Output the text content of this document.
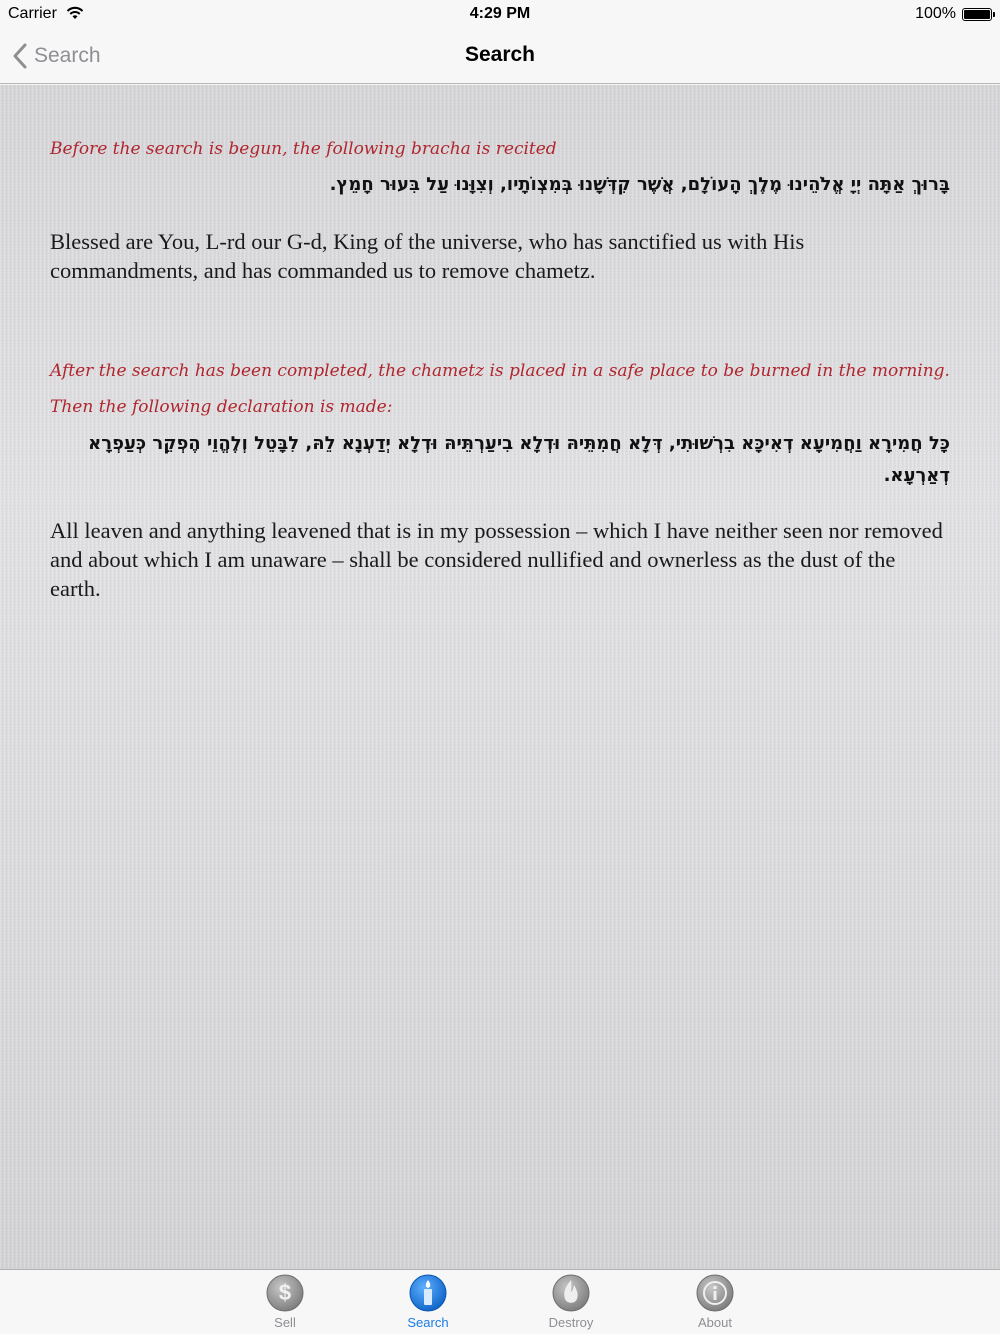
Carrier	4:29 PM	100%
Search	Search
Before the search is begun, the following bracha is recited
בָּרוּךְ אַתָּה יְיָ אֱלֹהֵינוּ מֶלֶךְ הָעוֹלָם, אֲשֶׁר קִדְּשָׁנוּ בְּמִצְוֹתָיו, וְצִוָּנוּ עַל בִּעוּר חָמֵץ.
Blessed are You, L-rd our G-d, King of the universe, who has sanctified us with His commandments, and has commanded us to remove chametz.
After the search has been completed, the chametz is placed in a safe place to be burned in the morning. Then the following declaration is made:
כָּל חֲמִירָא וַחֲמִיעָא דְאִיכָּא בִרְשׁוּתִי, דְּלָא חֲמִתֵּיהּ וּדְלָא בִיעַרְתֵּיהּ וּדְלָא יְדַעְנָא לֵהּ, לִבָּטֵל וְלֶהֱוֵי הֶפְקֵר כְּעַפְרָא דְאַרְעָא.
All leaven and anything leavened that is in my possession – which I have neither seen nor removed and about which I am unaware – shall be considered nullified and ownerless as the dust of the earth.
$
Sell	Search	Destroy	About
